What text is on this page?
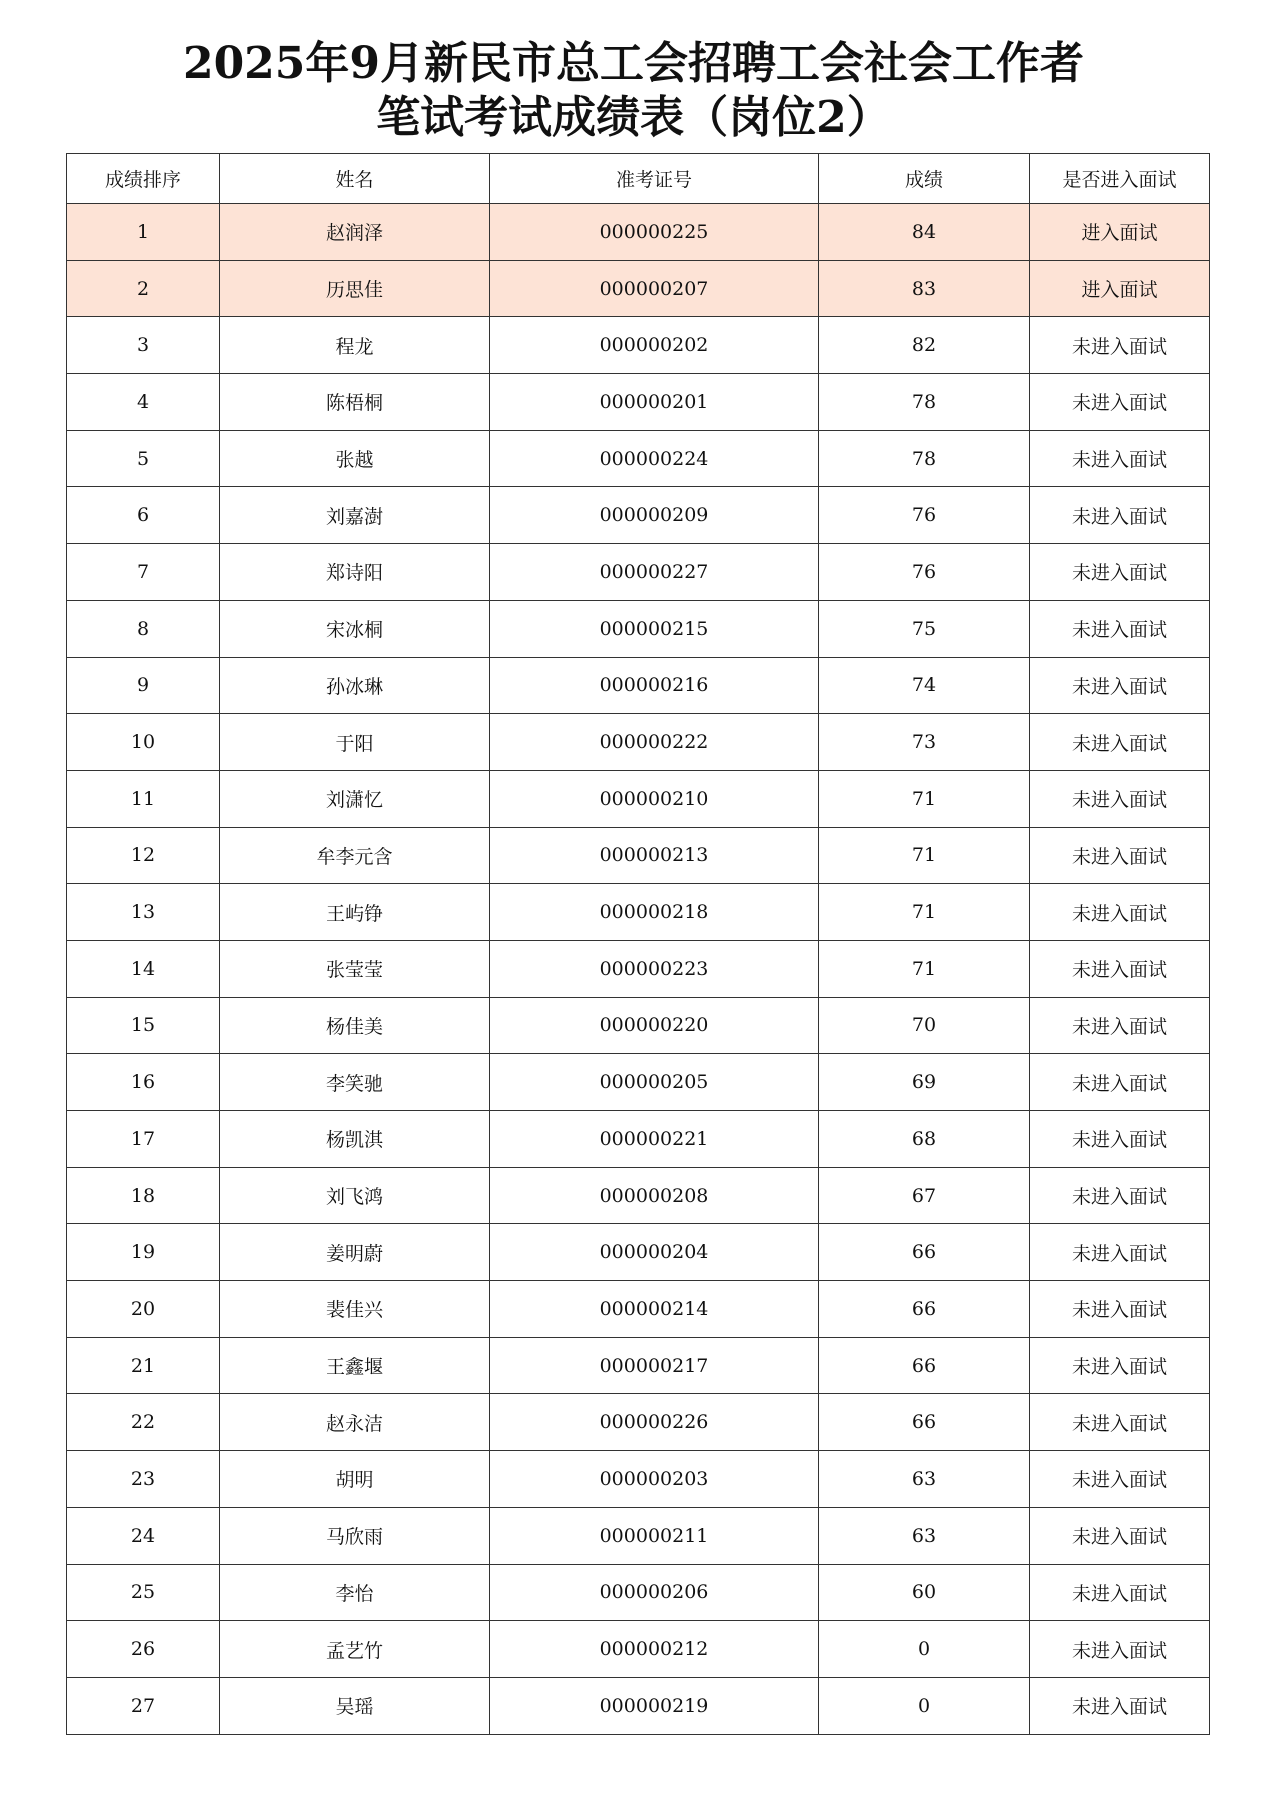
2025年9月新民市总工会招聘工会社会工作者
笔试考试成绩表（岗位2）
成绩排序	姓名	准考证号	成绩	是否进入面试
1	赵润泽	000000225	84	进入面试
2	历思佳	000000207	83	进入面试
3	程龙	000000202	82	未进入面试
4	陈梧桐	000000201	78	未进入面试
5	张越	000000224	78	未进入面试
6	刘嘉澍	000000209	76	未进入面试
7	郑诗阳	000000227	76	未进入面试
8	宋冰桐	000000215	75	未进入面试
9	孙冰琳	000000216	74	未进入面试
10	于阳	000000222	73	未进入面试
11	刘潇忆	000000210	71	未进入面试
12	牟李元含	000000213	71	未进入面试
13	王屿铮	000000218	71	未进入面试
14	张莹莹	000000223	71	未进入面试
15	杨佳美	000000220	70	未进入面试
16	李笑驰	000000205	69	未进入面试
17	杨凯淇	000000221	68	未进入面试
18	刘飞鸿	000000208	67	未进入面试
19	姜明蔚	000000204	66	未进入面试
20	裴佳兴	000000214	66	未进入面试
21	王鑫堰	000000217	66	未进入面试
22	赵永洁	000000226	66	未进入面试
23	胡明	000000203	63	未进入面试
24	马欣雨	000000211	63	未进入面试
25	李怡	000000206	60	未进入面试
26	孟艺竹	000000212	0	未进入面试
27	吴瑶	000000219	0	未进入面试
